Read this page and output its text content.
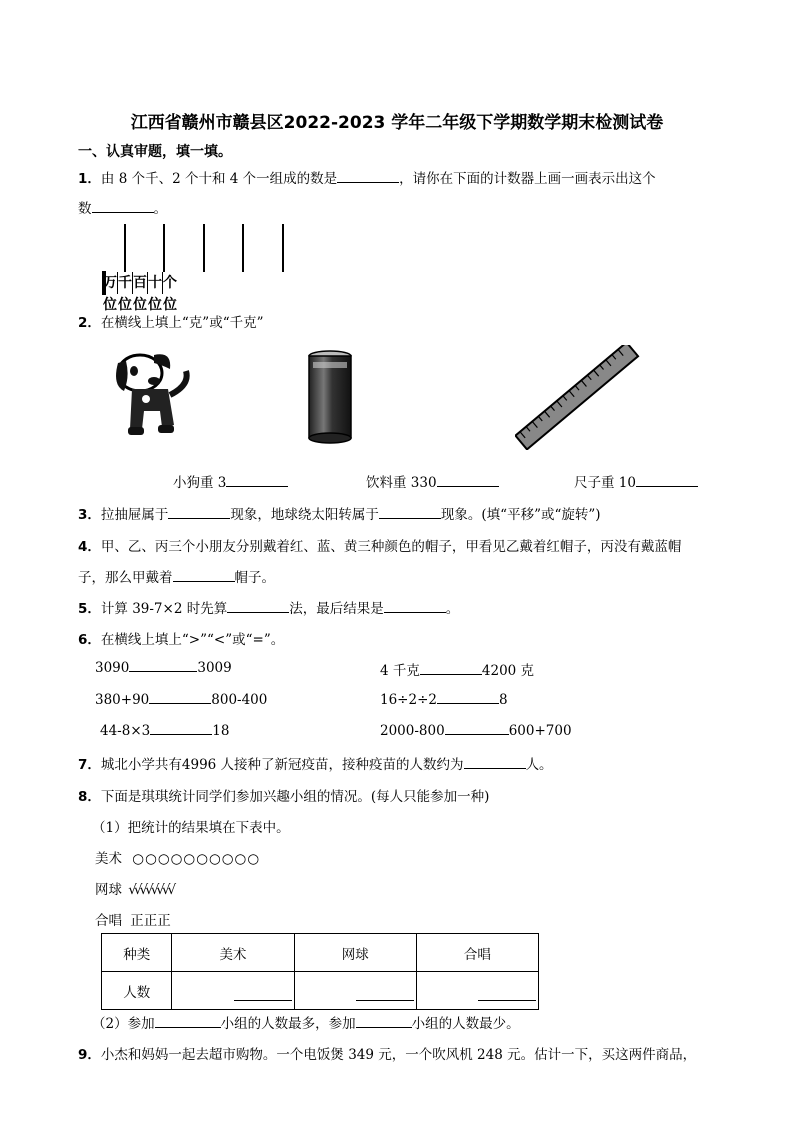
江西省赣州市赣县区2022-2023 学年二年级下学期数学期末检测试卷
一、认真审题，填一填。
1．由 8 个千、2 个十和 4 个一组成的数是	，请你在下面的计数器上画一画表示出这个
数	。
万位
千位
百位
十位
个位
2．在横线上填上“克”或“千克”
小狗重 3	饮料重 330	尺子重 10
3．拉抽屉属于	现象，地球绕太阳转属于	现象。(填“平移”或“旋转”)
4．甲、乙、丙三个小朋友分别戴着红、蓝、黄三种颜色的帽子，甲看见乙戴着红帽子，丙没有戴蓝帽
子，那么甲戴着	帽子。
5．计算 39-7×2 时先算	法，最后结果是	。
6．在横线上填上“>”“<”或“=”。
3090	3009	4 千克	4200 克
380+90	800-400	16÷2÷2	8
44-8×3	18	2000-800	600+700
7．城北小学共有4996 人接种了新冠疫苗，接种疫苗的人数约为	人。
8．下面是琪琪统计同学们参加兴趣小组的情况。(每人只能参加一种)
（1）把统计的结果填在下表中。
美术 ○○○○○○○○○○
网球 √√√√√√√√
合唱 正正正
种类	美术	网球	合唱
人数			
（2）参加	小组的人数最多，参加	小组的人数最少。
9．小杰和妈妈一起去超市购物。一个电饭煲 349 元，一个吹风机 248 元。估计一下，买这两件商品，
